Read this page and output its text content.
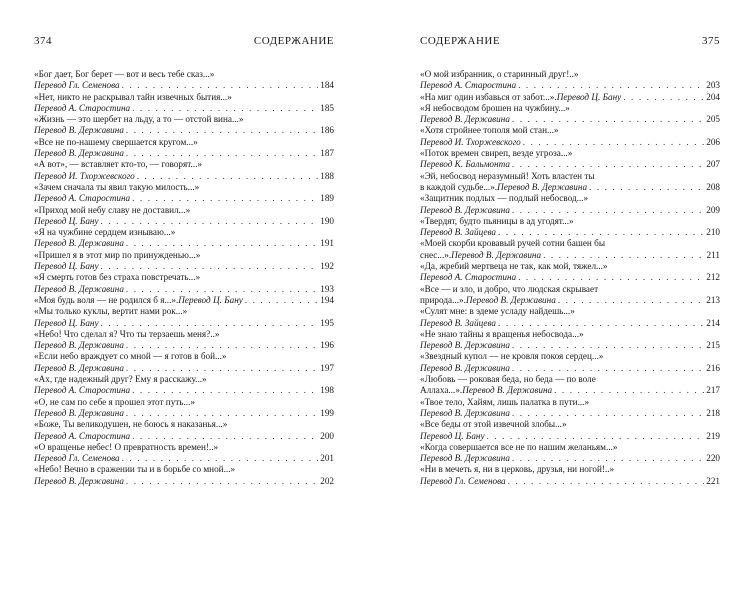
374	СОДЕРЖАНИЕ
«Бог дает, Бог берет — вот и весь тебе сказ...»
Перевод Гл. Семенова . . .	184
«Нет, никто не раскрывал тайн извечных бытия...»
Перевод А. Старостина . . .	185
«Жизнь — это шербет на льду, а то — отстой вина...»
Перевод В. Державина . . .	186
«Все не по-нашему свершается кругом...»
Перевод В. Державина . . .	187
«А вот», — вставляет кто-то, — говорят...»
Перевод И. Тхоржевского . . .	188
«Зачем сначала ты явил такую милость...»
Перевод А. Старостина . . .	189
«Приход мой небу славу не доставил...»
Перевод Ц. Бану . . .	190
«Я на чужбине сердцем изнываю...»
Перевод В. Державина . . .	191
«Пришел я в этот мир по принужденью...»
Перевод Ц. Бану . . .	192
«Я смерть готов без страха повстречать...»
Перевод В. Державина . . .	193
«Моя будь воля — не родился б я...». Перевод Ц. Бану . . .	194
«Мы только куклы, вертит нами рок...»
Перевод Ц. Бану . . .	195
«Небо! Что сделал я? Что ты терзаешь меня?..»
Перевод В. Державина . . .	196
«Если небо враждует со мной — я готов в бой...»
Перевод В. Державина . . .	197
«Ах, где надежный друг? Ему я расскажу...»
Перевод А. Старостина . . .	198
«О, не сам по себе я прошел этот путь...»
Перевод В. Державина . . .	199
«Боже, Ты великодушен, не боюсь я наказанья...»
Перевод А. Старостина . . .	200
«О вращенье небес! О превратность времен!..»
Перевод Гл. Семенова . . .	201
«Небо! Вечно в сражении ты и в борьбе со мной...»
Перевод В. Державина . . .	202
СОДЕРЖАНИЕ	375
«О мой избранник, о старинный друг!..»
Перевод А. Старостина . . .	203
«На миг один избавься от забот...». Перевод Ц. Бану . . .	204
«Я небосводом брошен на чужбину...»
Перевод В. Державина . . .	205
«Хотя стройнее тополя мой стан...»
Перевод И. Тхоржевского . . .	206
«Поток времен свиреп, везде угроза...»
Перевод К. Бальмонта . . .	207
«Эй, небосвод неразумный! Хоть властен ты
в каждой судьбе...». Перевод В. Державина . . .	208
«Защитник подлых — подлый небосвод...»
Перевод В. Державина . . .	209
«Твердят, будто пьяницы в ад угодят...»
Перевод В. Зайцева . . .	210
«Моей скорби кровавый ручей сотни башен бы
снес...». Перевод В. Державина . . .	211
«Да, жребий мертвеца не так, как мой, тяжел...»
Перевод А. Старостина . . .	212
«Все — и зло, и добро, что людская скрывает
природа...». Перевод В. Державина . . .	213
«Сулят мне: в эдеме усладу найдешь...»
Перевод В. Зайцева . . .	214
«Не знаю тайны я вращенья небосвода...»
Перевод В. Державина . . .	215
«Звездный купол — не кровля покоя сердец...»
Перевод В. Державина . . .	216
«Любовь — роковая беда, но беда — по воле
Аллаха...». Перевод В. Державина . . .	217
«Твое тело, Хайям, лишь палатка в пути...»
Перевод В. Державина . . .	218
«Все беды от этой извечной злобы...»
Перевод Ц. Бану . . .	219
«Когда совершается все не по нашим желаньям...»
Перевод В. Державина . . .	220
«Ни в мечеть я, ни в церковь, друзья, ни ногой!..»
Перевод Гл. Семенова . . .	221
